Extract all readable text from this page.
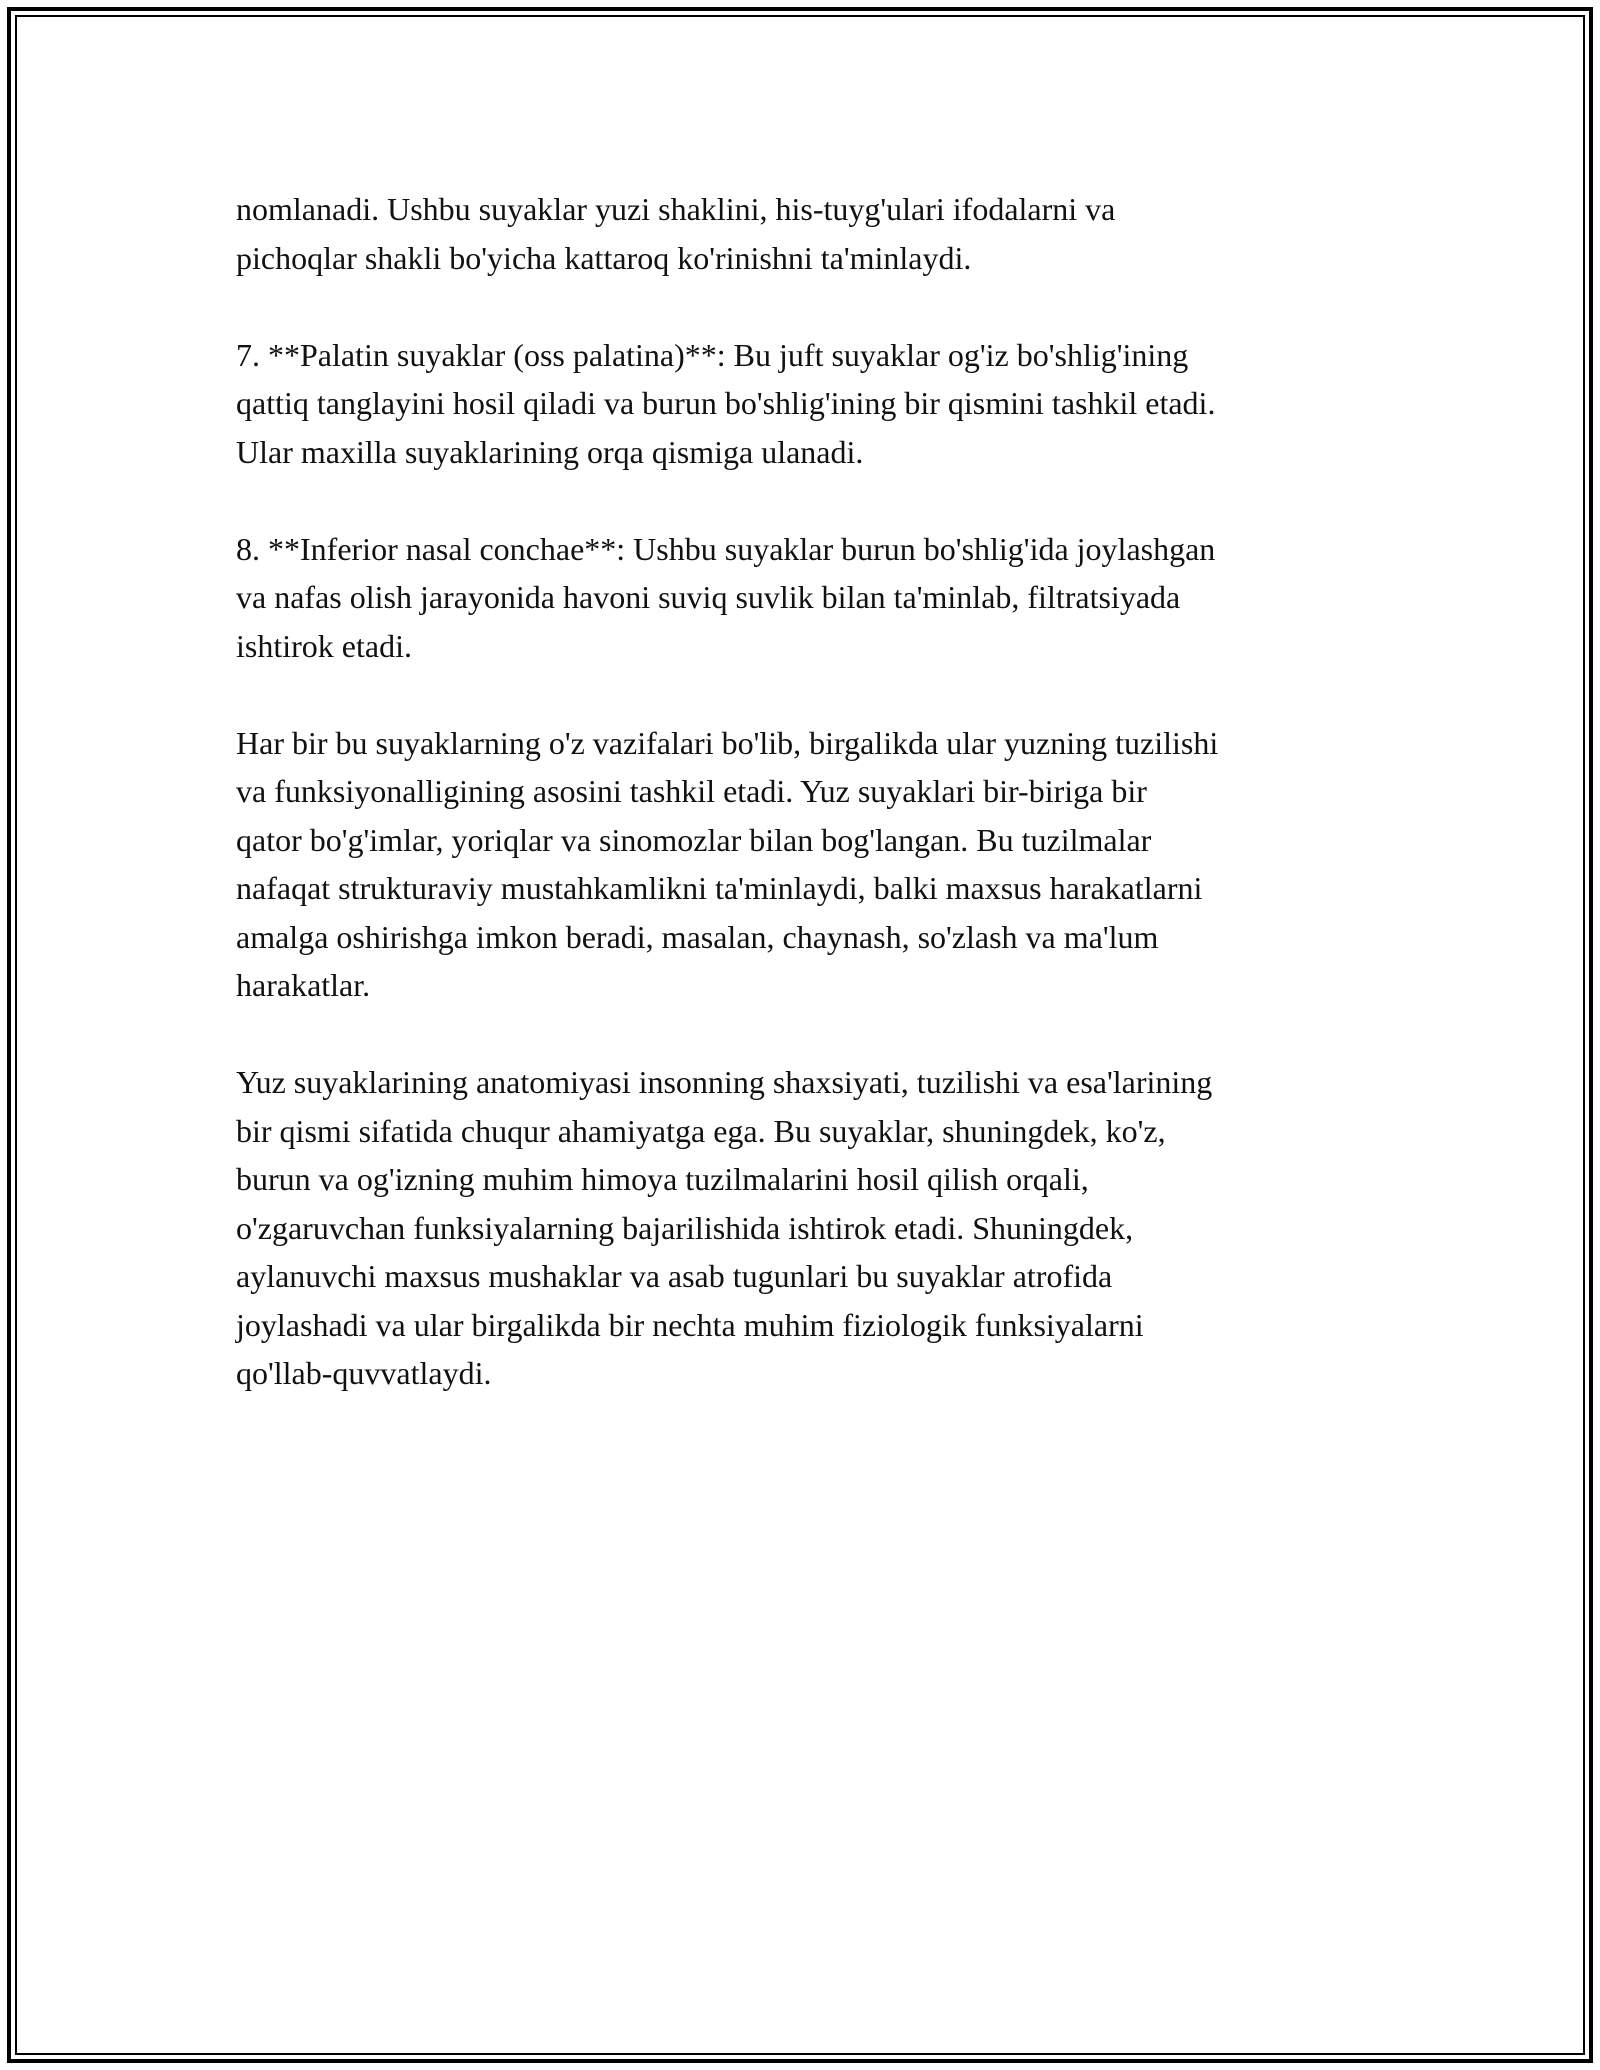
nomlanadi. Ushbu suyaklar yuzi shaklini, his-tuyg'ulari ifodalarni va
pichoqlar shakli bo'yicha kattaroq ko'rinishni ta'minlaydi.

7. **Palatin suyaklar (oss palatina)**: Bu juft suyaklar og'iz bo'shlig'ining
qattiq tanglayini hosil qiladi va burun bo'shlig'ining bir qismini tashkil etadi.
Ular maxilla suyaklarining orqa qismiga ulanadi.

8. **Inferior nasal conchae**: Ushbu suyaklar burun bo'shlig'ida joylashgan
va nafas olish jarayonida havoni suviq suvlik bilan ta'minlab, filtratsiyada
ishtirok etadi.

Har bir bu suyaklarning o'z vazifalari bo'lib, birgalikda ular yuzning tuzilishi
va funksiyonalligining asosini tashkil etadi. Yuz suyaklari bir-biriga bir
qator bo'g'imlar, yoriqlar va sinomozlar bilan bog'langan. Bu tuzilmalar
nafaqat strukturaviy mustahkamlikni ta'minlaydi, balki maxsus harakatlarni
amalga oshirishga imkon beradi, masalan, chaynash, so'zlash va ma'lum
harakatlar.

Yuz suyaklarining anatomiyasi insonning shaxsiyati, tuzilishi va esa'larining
bir qismi sifatida chuqur ahamiyatga ega. Bu suyaklar, shuningdek, ko'z,
burun va og'izning muhim himoya tuzilmalarini hosil qilish orqali,
o'zgaruvchan funksiyalarning bajarilishida ishtirok etadi. Shuningdek,
aylanuvchi maxsus mushaklar va asab tugunlari bu suyaklar atrofida
joylashadi va ular birgalikda bir nechta muhim fiziologik funksiyalarni
qo'llab-quvvatlaydi.
